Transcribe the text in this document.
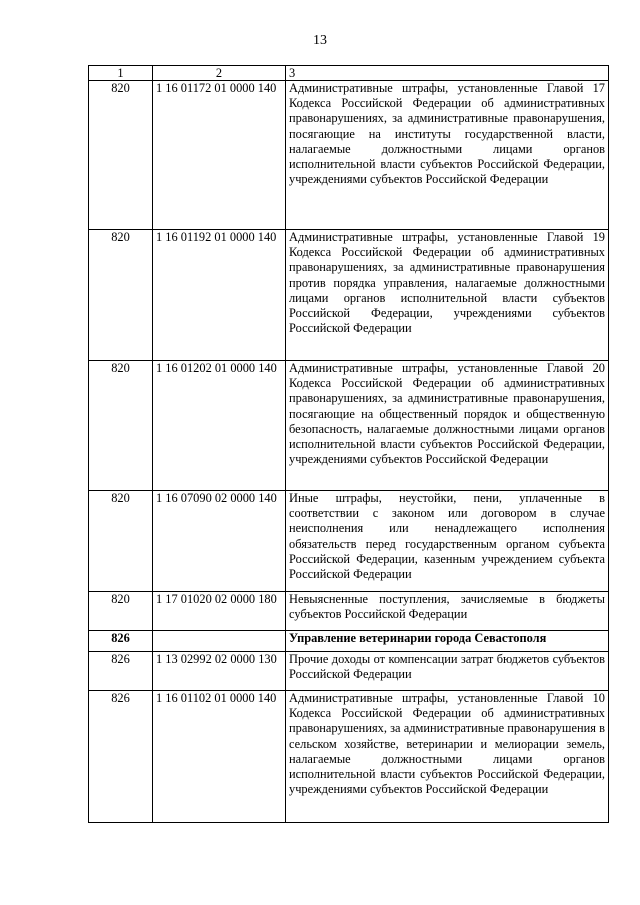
13
1	2	3
820	1 16 01172 01 0000 140	Административные штрафы, установленные Главой 17 Кодекса Российской Федерации об административных правонарушениях, за административные правонарушения, посягающие на институты государственной власти, налагаемые должностными лицами органов исполнительной власти субъектов Российской Федерации, учреждениями субъектов Российской Федерации
820	1 16 01192 01 0000 140	Административные штрафы, установленные Главой 19 Кодекса Российской Федерации об административных правонарушениях, за административные правонарушения против порядка управления, налагаемые должностными лицами органов исполнительной власти субъектов Российской Федерации, учреждениями субъектов Российской Федерации
820	1 16 01202 01 0000 140	Административные штрафы, установленные Главой 20 Кодекса Российской Федерации об административных правонарушениях, за административные правонарушения, посягающие на общественный порядок и общественную безопасность, налагаемые должностными лицами органов исполнительной власти субъектов Российской Федерации, учреждениями субъектов Российской Федерации
820	1 16 07090 02 0000 140	Иные штрафы, неустойки, пени, уплаченные в соответствии с законом или договором в случае неисполнения или ненадлежащего исполнения обязательств перед государственным органом субъекта Российской Федерации, казенным учреждением субъекта Российской Федерации
820	1 17 01020 02 0000 180	Невыясненные поступления, зачисляемые в бюджеты субъектов Российской Федерации
826		Управление ветеринарии города Севастополя
826	1 13 02992 02 0000 130	Прочие доходы от компенсации затрат бюджетов субъектов Российской Федерации
826	1 16 01102 01 0000 140	Административные штрафы, установленные Главой 10 Кодекса Российской Федерации об административных правонарушениях, за административные правонарушения в сельском хозяйстве, ветеринарии и мелиорации земель, налагаемые должностными лицами органов исполнительной власти субъектов Российской Федерации, учреждениями субъектов Российской Федерации
